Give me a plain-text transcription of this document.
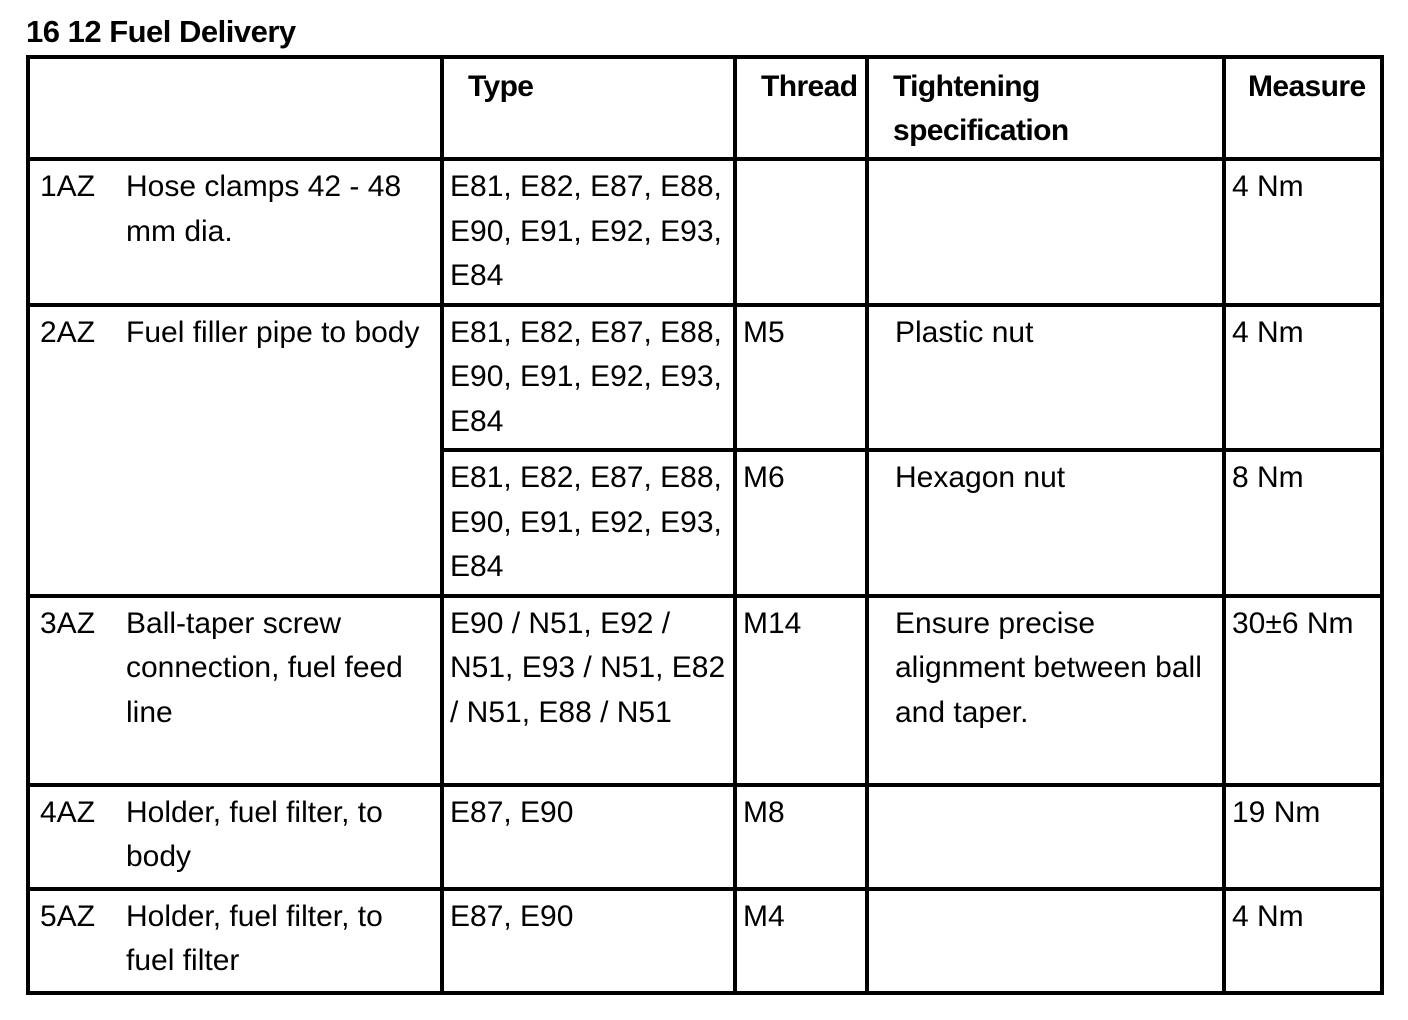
16 12 Fuel Delivery

	Type	Thread	Tightening specification	Measure

1AZ Hose clamps 42 - 48 mm dia.	E81, E82, E87, E88, E90, E91, E92, E93, E84			4 Nm

2AZ Fuel filler pipe to body	E81, E82, E87, E88, E90, E91, E92, E93, E84	M5	Plastic nut	4 Nm

	E81, E82, E87, E88, E90, E91, E92, E93, E84	M6	Hexagon nut	8 Nm

3AZ Ball-taper screw connection, fuel feed line	E90 / N51, E92 / N51, E93 / N51, E82 / N51, E88 / N51	M14	Ensure precise alignment between ball and taper.	30±6 Nm

4AZ Holder, fuel filter, to body	E87, E90	M8		19 Nm

5AZ Holder, fuel filter, to fuel filter	E87, E90	M4		4 Nm
